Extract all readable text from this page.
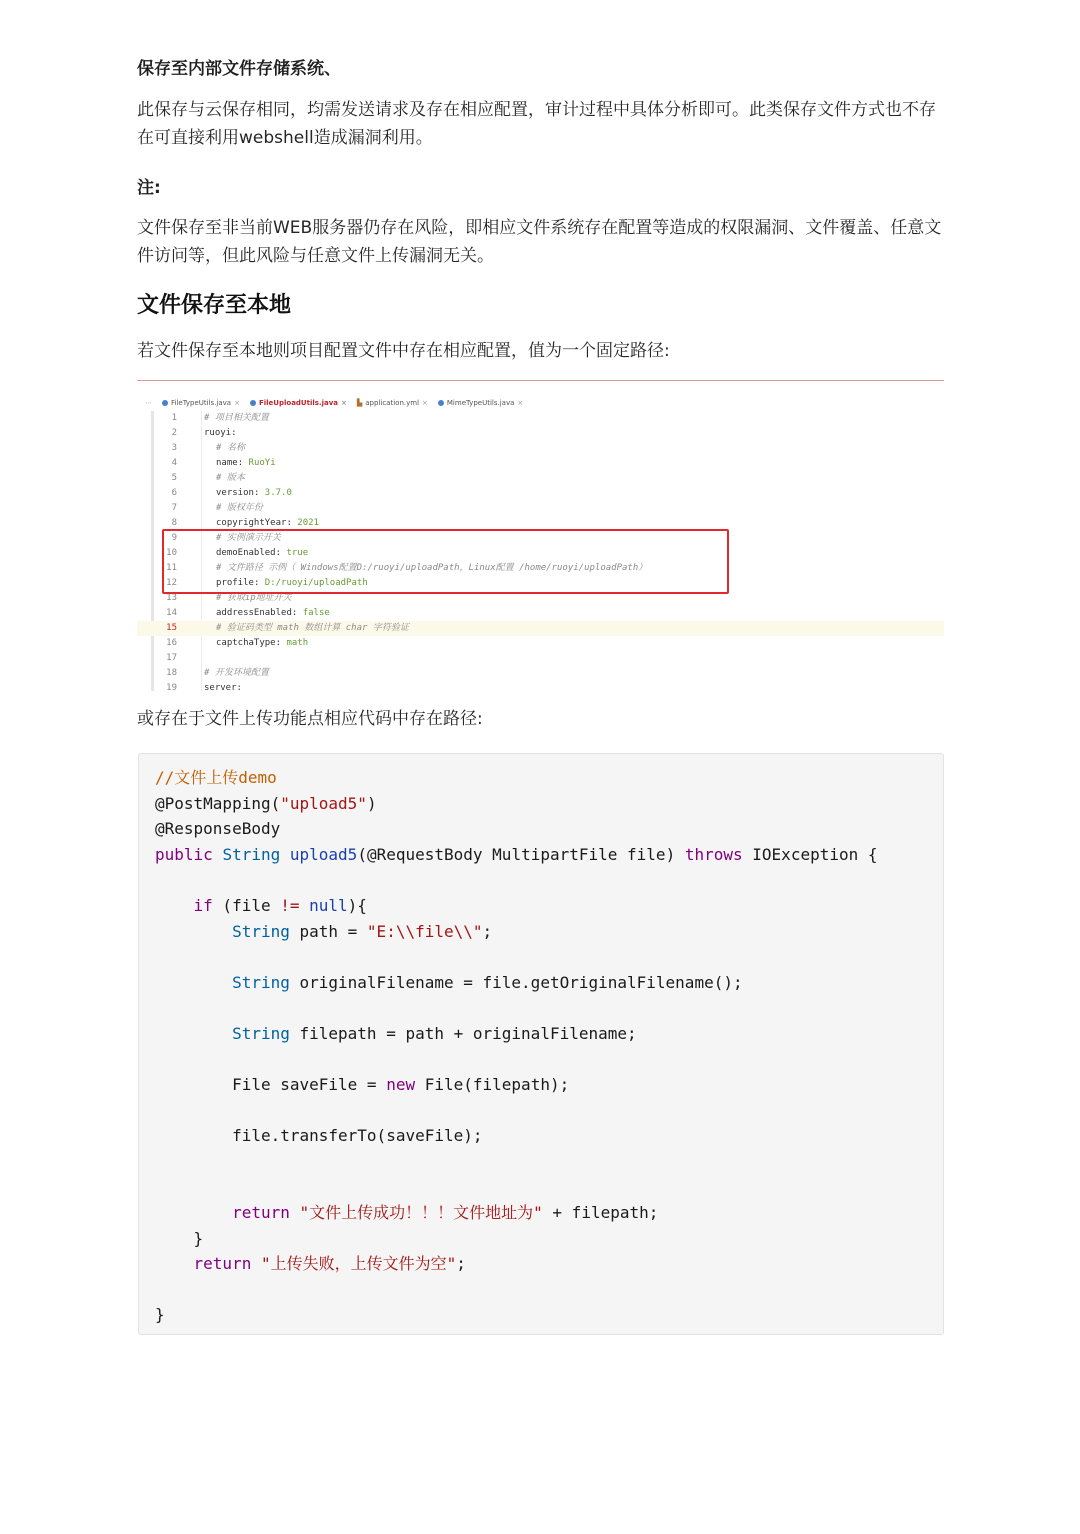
保存至内部文件存储系统、
此保存与云保存相同，均需发送请求及存在相应配置，审计过程中具体分析即可。此类保存文件方式也不存在可直接利用webshell造成漏洞利用。
注:
文件保存至非当前WEB服务器仍存在风险，即相应文件系统存在配置等造成的权限漏洞、文件覆盖、任意文件访问等，但此风险与任意文件上传漏洞无关。
文件保存至本地
若文件保存至本地则项目配置文件中存在相应配置，值为一个固定路径:
⋯	FileTypeUtils.java ×	FileUploadUtils.java × ▙ application.yml ×	MimeTypeUtils.java ×
1	# 项目相关配置
2	ruoyi:
3	# 名称
4	name: RuoYi
5	# 版本
6	version: 3.7.0
7	# 版权年份
8	copyrightYear: 2021
9	# 实例演示开关
10	demoEnabled: true
11	# 文件路径 示例（ Windows配置D:/ruoyi/uploadPath，Linux配置 /home/ruoyi/uploadPath）
12	profile: D:/ruoyi/uploadPath
13	# 获取ip地址开关
14	addressEnabled: false
15	# 验证码类型 math 数组计算 char 字符验证
16	captchaType: math
17
18	# 开发环境配置
19	server:
或存在于文件上传功能点相应代码中存在路径:
//文件上传demo
@PostMapping("upload5")
@ResponseBody
public String upload5(@RequestBody MultipartFile file) throws IOException {

if (file != null){
String path = "E:\\file\\";

String originalFilename = file.getOriginalFilename();

String filepath = path + originalFilename;

File saveFile = new File(filepath);

file.transferTo(saveFile);

return "文件上传成功！！！文件地址为" + filepath;
}
return "上传失败，上传文件为空";

}
